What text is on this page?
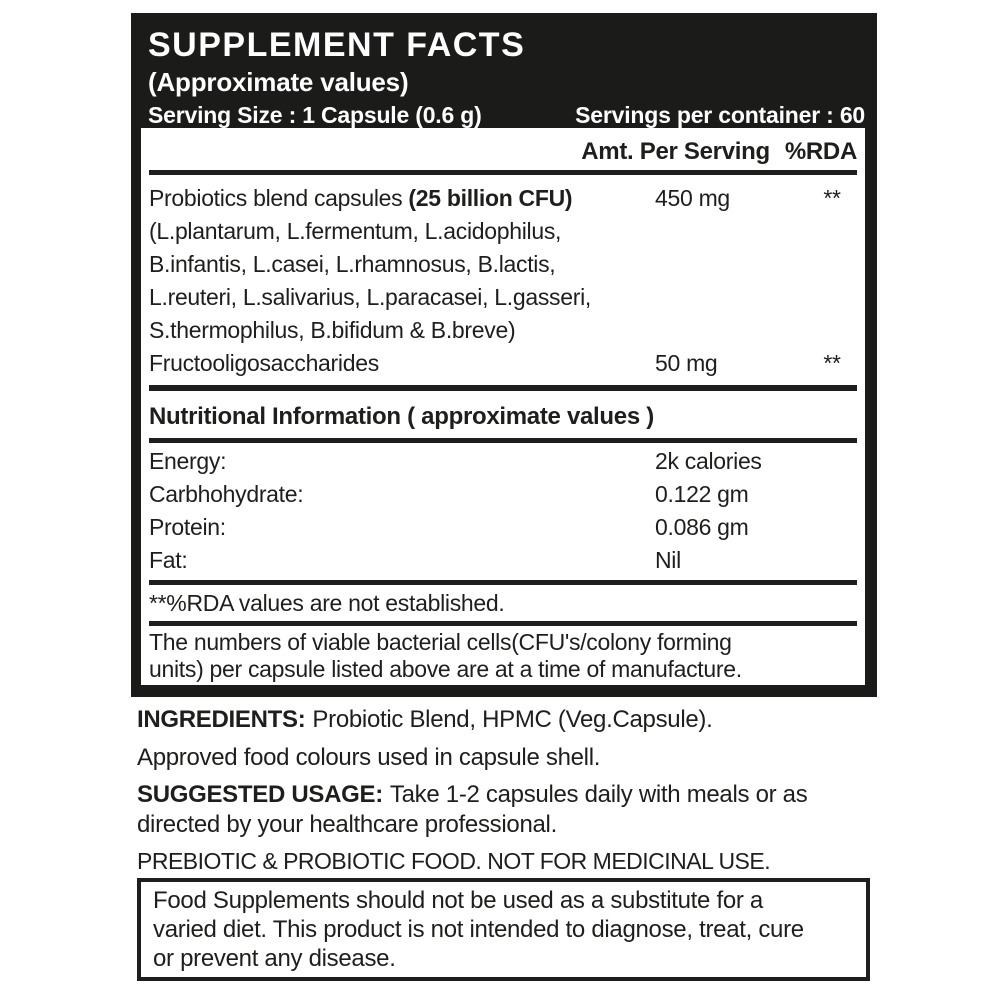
SUPPLEMENT FACTS
(Approximate values)
Serving Size : 1 Capsule (0.6 g)	Servings per container : 60
Amt. Per Serving %RDA
Probiotics blend capsules (25 billion CFU)	450 mg	**
(L.plantarum, L.fermentum, L.acidophilus,
B.infantis, L.casei, L.rhamnosus, B.lactis,
L.reuteri, L.salivarius, L.paracasei, L.gasseri,
S.thermophilus, B.bifidum & B.breve)
Fructooligosaccharides	50 mg	**
Nutritional Information ( approximate values )
Energy:	2k calories
Carbhohydrate:	0.122 gm
Protein:	0.086 gm
Fat:	Nil
**%RDA values are not established.
The numbers of viable bacterial cells(CFU's/colony forming
units) per capsule listed above are at a time of manufacture.
INGREDIENTS: Probiotic Blend, HPMC (Veg.Capsule).
Approved food colours used in capsule shell.
SUGGESTED USAGE: Take 1-2 capsules daily with meals or as
directed by your healthcare professional.
PREBIOTIC & PROBIOTIC FOOD. NOT FOR MEDICINAL USE.
Food Supplements should not be used as a substitute for a
varied diet. This product is not intended to diagnose, treat, cure
or prevent any disease.
